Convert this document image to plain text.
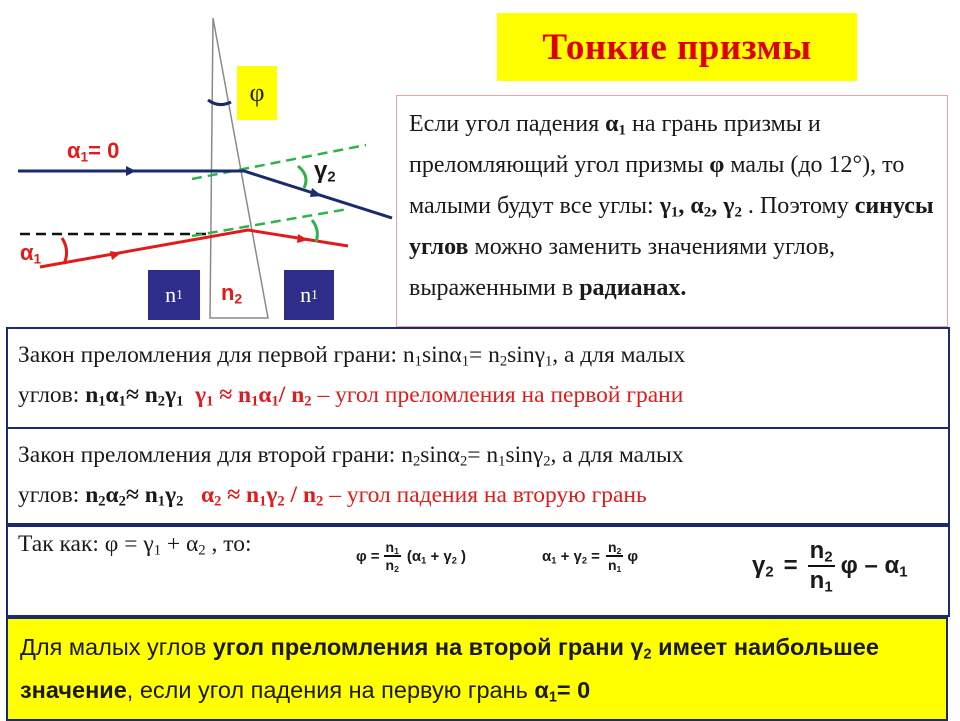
$\alpha_1= 0$
$\alpha_1$
$\gamma_2$
φ
n 1 $n_2$	n 1
Тонкие призмы
Если угол падения $\alpha_1$ на грань призмы и преломляющий угол призмы φ малы (до 12°), то малыми будут все углы: $\gamma_1$, $\alpha_2$, $\gamma_2$ . Поэтому синусы углов можно заменить значениями углов, выраженными в радианах.
Закон преломления для первой грани: $n_1\sin\alpha_1= n_2\sin\gamma_1$, а для малых
углов: $n_1\alpha_1\approx n_2\gamma_1$ $\gamma_1 \approx n_1\alpha_1/$ $n_2$ – угол преломления на первой грани
Закон преломления для второй грани: $n_2\sin\alpha_2= n_1\sin\gamma_2$, а для малых
углов: $n_2\alpha_2\approx n_1\gamma_2$ $\alpha_2 \approx n_1\gamma_2 / n_2$ – угол падения на вторую грань
Так как: $\varphi = \gamma_1 + \alpha_2$ , то:	$\varphi = \frac{n_1}{n_2} (\alpha_1 + \gamma_2$ )	$\alpha_1 + \gamma_2 = \frac{n_2}{n_1}$ φ	$\gamma_2 = \frac{n_2}{n_1}$ φ – $\alpha_1$
Для малых углов угол преломления на второй грани $\gamma_2$ имеет наибольшее значение, если угол падения на первую грань $\alpha_1= 0$
